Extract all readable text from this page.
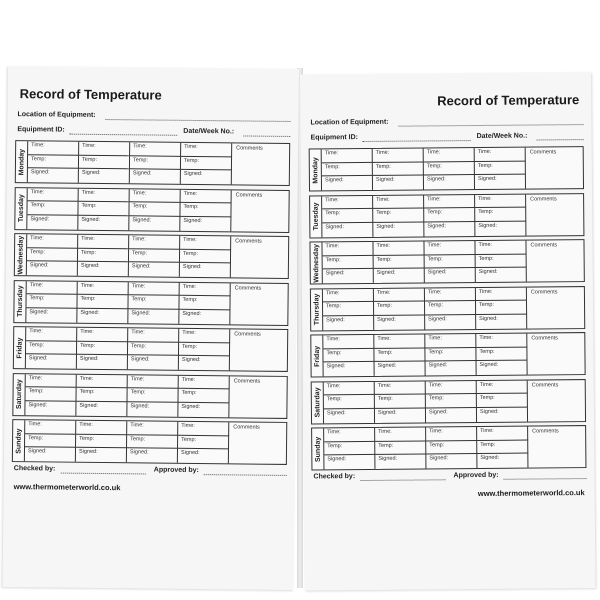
Record of Temperature
Location of Equipment:
Equipment ID:	Date/Week No.:
Monday
Time:	Time:	Time:	Time:
Temp:	Temp:	Temp:	Temp:
Signed:	Signed:	Signed:	Signed:
Comments
Tuesday
Time:	Time:	Time:	Time:
Temp:	Temp:	Temp:	Temp:
Signed:	Signed:	Signed:	Signed:
Comments
Wednesday	Time:	Time:	Time:	Time:
Temp:	Temp:	Temp:	Temp:
Signed:	Signed:	Signed:	Signed:
Comments
Thursday
Time:	Time:	Time:	Time:
Temp:	Temp:	Temp:	Temp:
Signed:	Signed:	Signed:	Signed:
Comments
Friday
Time:	Time:	Time:	Time:
Temp:	Temp:	Temp:	Temp:
Signed:	Signed:	Signed:	Signed:
Comments
Saturday
Time:	Time:	Time:	Time:
Temp:	Temp:	Temp:	Temp:
Signed:	Signed:	Signed:	Signed:
Comments
Sunday
Time:	Time:	Time:	Time:
Temp:	Temp:	Temp:	Temp:
Signed:	Signed:	Signed:	Signed:
Comments
Checked by:	Approved by:
www.thermometerworld.co.uk
Record of Temperature
Location of Equipment:
Equipment ID:	Date/Week No.:
Monday
Time:	Time:	Time:	Time:
Temp:	Temp:	Temp:	Temp:
Signed:	Signed:	Signed:	Signed:
Comments
Tuesday
Time:	Time:	Time:	Time:
Temp:	Temp:	Temp:	Temp:
Signed:	Signed:	Signed:	Signed:
Comments
Wednesday	Time:	Time:	Time:	Time:
Temp:	Temp:	Temp:	Temp:
Signed:	Signed:	Signed:	Signed:
Comments
Thursday
Time:	Time:	Time:	Time:
Temp:	Temp:	Temp:	Temp:
Signed:	Signed:	Signed:	Signed:
Comments
Friday
Time:	Time:	Time:	Time:
Temp:	Temp:	Temp:	Temp:
Signed:	Signed:	Signed:	Signed:
Comments
Saturday
Time:	Time:	Time:	Time:
Temp:	Temp:	Temp:	Temp:
Signed:	Signed:	Signed:	Signed:
Comments
Sunday
Time:	Time:	Time:	Time:
Temp:	Temp:	Temp:	Temp:
Signed:	Signed:	Signed:	Signed:
Comments
Checked by:	Approved by:
www.thermometerworld.co.uk
